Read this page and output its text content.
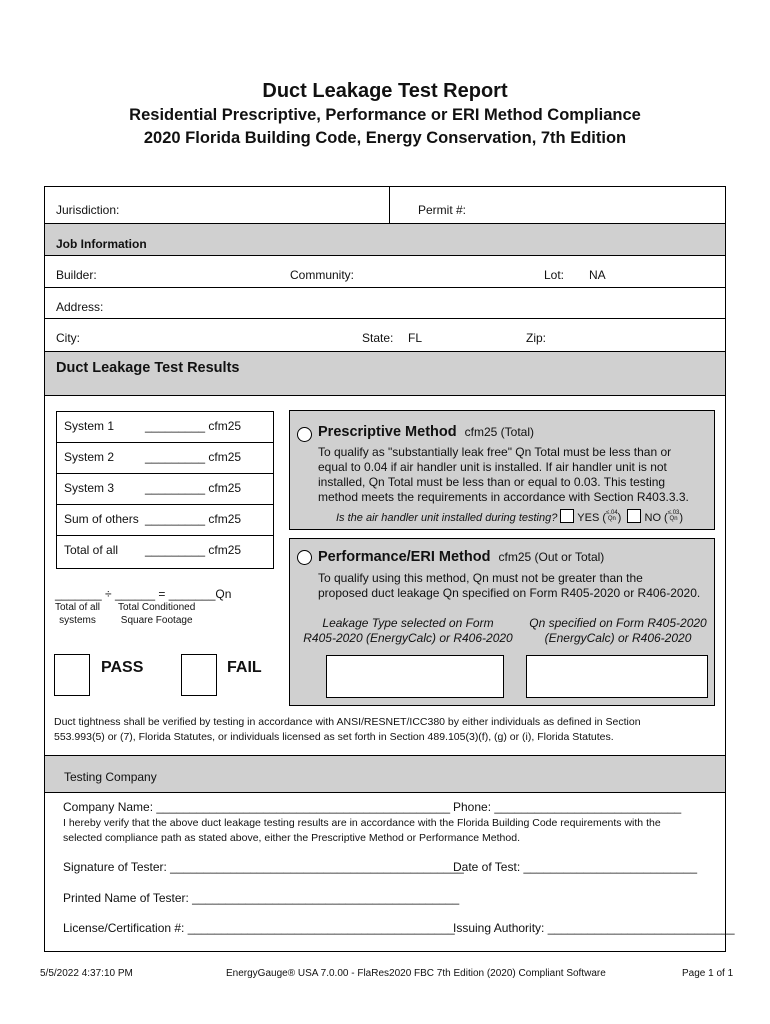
Duct Leakage Test Report
Residential Prescriptive, Performance or ERI Method Compliance
2020 Florida Building Code, Energy Conservation, 7th Edition
Jurisdiction:	Permit #:
Job Information
Builder:	Community:	Lot: NA
Address:
City:	State: FL	Zip:
Duct Leakage Test Results
Testing Company
System 1	_________ cfm25
System 2	_________ cfm25
System 3	_________ cfm25
Sum of others _________ cfm25
Total of all _________ cfm25
_______ ÷ ______ = _______Qn
Total of all
systems
Total Conditioned
Square Footage
PASS	FAIL
Prescriptive Method cfm25 (Total)
To qualify as "substantially leak free" Qn Total must be less than or
equal to 0.04 if air handler unit is installed. If air handler unit is not
installed, Qn Total must be less than or equal to 0.03. This testing
method meets the requirements in accordance with Section R403.3.3.
Is the air handler unit installed during testing? YES (≤.04
Qn )   NO (≤.03
Qn )
Performance/ERI Method cfm25 (Out or Total)
To qualify using this method, Qn must not be greater than the
proposed duct leakage Qn specified on Form R405-2020 or R406-2020.
Leakage Type selected on Form
R405-2020 (EnergyCalc) or R406-2020
Qn specified on Form R405-2020
(EnergyCalc) or R406-2020
Duct tightness shall be verified by testing in accordance with ANSI/RESNET/ICC380 by either individuals as defined in Section
553.993(5) or (7), Florida Statutes, or individuals licensed as set forth in Section 489.105(3)(f), (g) or (i), Florida Statutes.
Company Name: ____________________________________________ Phone: ____________________________
I hereby verify that the above duct leakage testing results are in accordance with the Florida Building Code requirements with the
selected compliance path as stated above, either the Prescriptive Method or Performance Method.
Signature of Tester: ____________________________________________
Date of Test: __________________________
Printed Name of Tester: ________________________________________
License/Certification #: ________________________________________
Issuing Authority: ____________________________
5/5/2022 4:37:10 PM	EnergyGauge® USA 7.0.00 - FlaRes2020 FBC 7th Edition (2020) Compliant Software	Page 1 of 1
